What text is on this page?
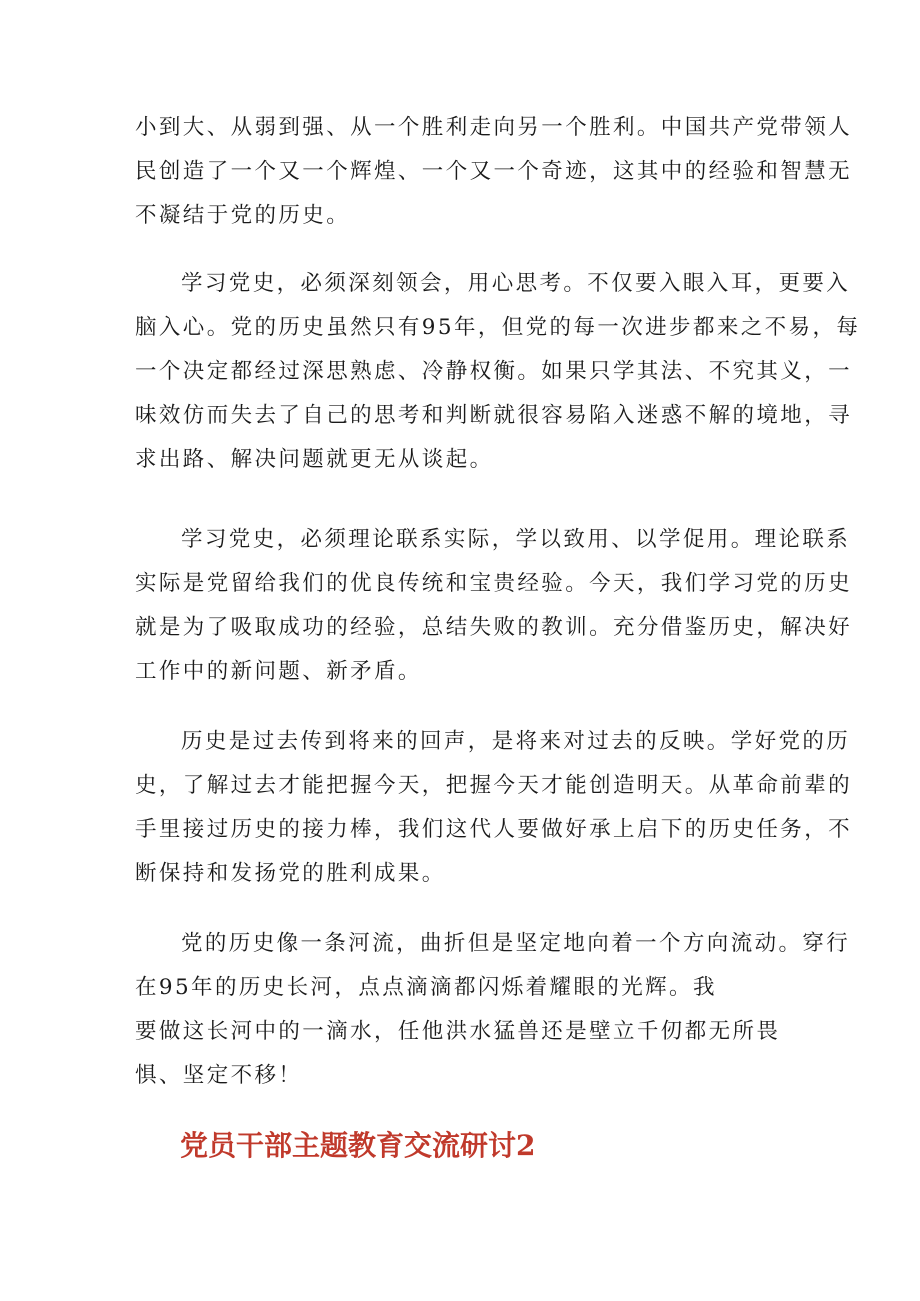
小到大、从弱到强、从一个胜利走向另一个胜利。中国共产党带领人
民创造了一个又一个辉煌、一个又一个奇迹，这其中的经验和智慧无
不凝结于党的历史。
学习党史，必须深刻领会，用心思考。不仅要入眼入耳，更要入
脑入心。党的历史虽然只有95年，但党的每一次进步都来之不易，每
一个决定都经过深思熟虑、冷静权衡。如果只学其法、不究其义，一
味效仿而失去了自己的思考和判断就很容易陷入迷惑不解的境地，寻
求出路、解决问题就更无从谈起。
学习党史，必须理论联系实际，学以致用、以学促用。理论联系
实际是党留给我们的优良传统和宝贵经验。今天，我们学习党的历史
就是为了吸取成功的经验，总结失败的教训。充分借鉴历史，解决好
工作中的新问题、新矛盾。
历史是过去传到将来的回声，是将来对过去的反映。学好党的历
史，了解过去才能把握今天，把握今天才能创造明天。从革命前辈的
手里接过历史的接力棒，我们这代人要做好承上启下的历史任务，不
断保持和发扬党的胜利成果。
党的历史像一条河流，曲折但是坚定地向着一个方向流动。穿行
在95年的历史长河，点点滴滴都闪烁着耀眼的光辉。我
要做这长河中的一滴水，任他洪水猛兽还是壁立千仞都无所畏
惧、坚定不移！
党员干部主题教育交流研讨2
